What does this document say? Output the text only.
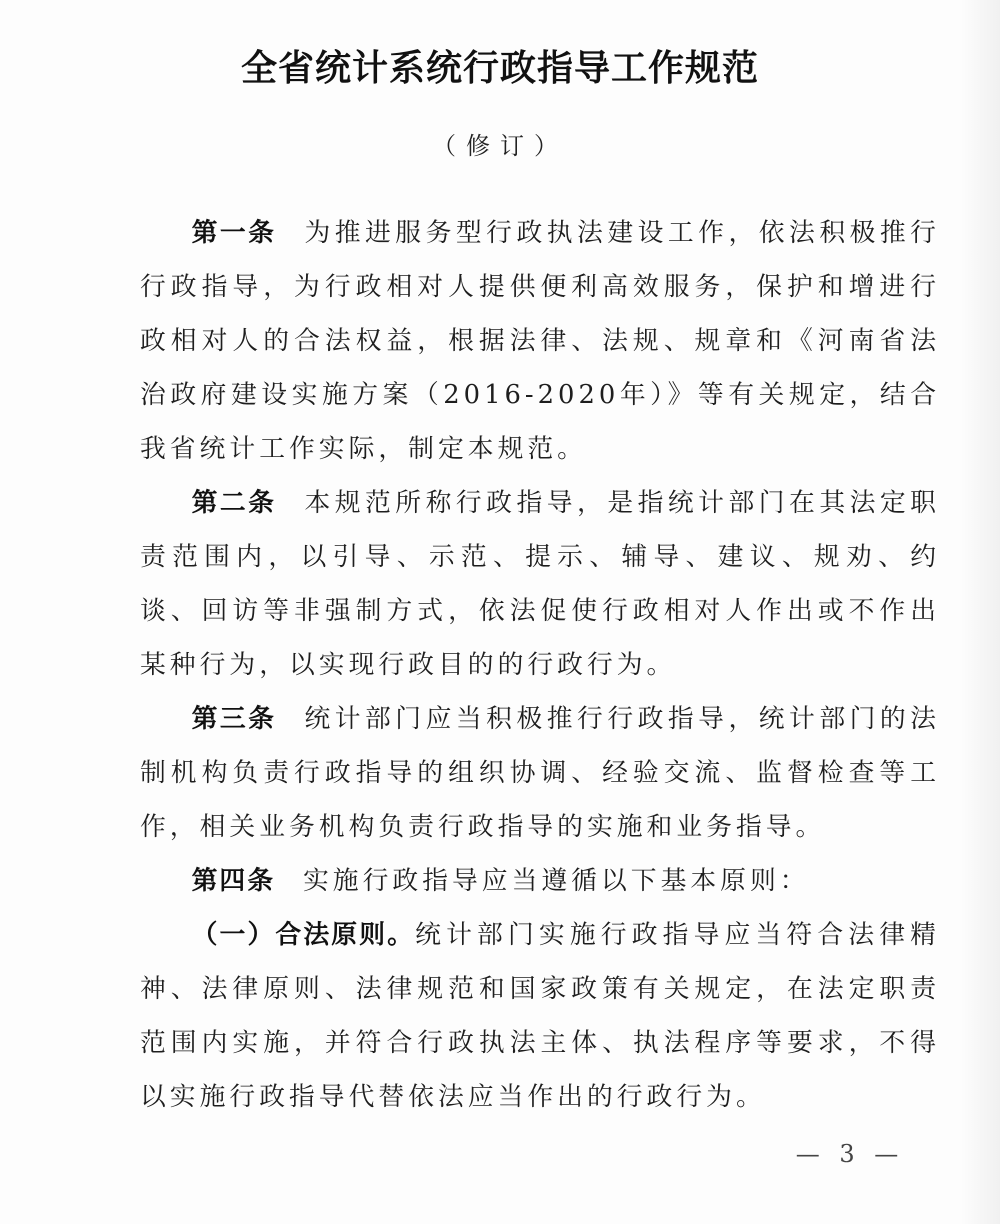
全省统计系统行政指导工作规范
（修订）

第一条 为推进服务型行政执法建设工作，依法积极推行行政指导，为行政相对人提供便利高效服务，保护和增进行政相对人的合法权益，根据法律、法规、规章和《河南省法治政府建设实施方案（2016-2020年）》等有关规定，结合我省统计工作实际，制定本规范。

第二条 本规范所称行政指导，是指统计部门在其法定职责范围内，以引导、示范、提示、辅导、建议、规劝、约谈、回访等非强制方式，依法促使行政相对人作出或不作出某种行为，以实现行政目的的行政行为。

第三条 统计部门应当积极推行行政指导，统计部门的法制机构负责行政指导的组织协调、经验交流、监督检查等工作，相关业务机构负责行政指导的实施和业务指导。

第四条 实施行政指导应当遵循以下基本原则：

（一）合法原则。统计部门实施行政指导应当符合法律精神、法律原则、法律规范和国家政策有关规定，在法定职责范围内实施，并符合行政执法主体、执法程序等要求，不得以实施行政指导代替依法应当作出的行政行为。

— 3 —
